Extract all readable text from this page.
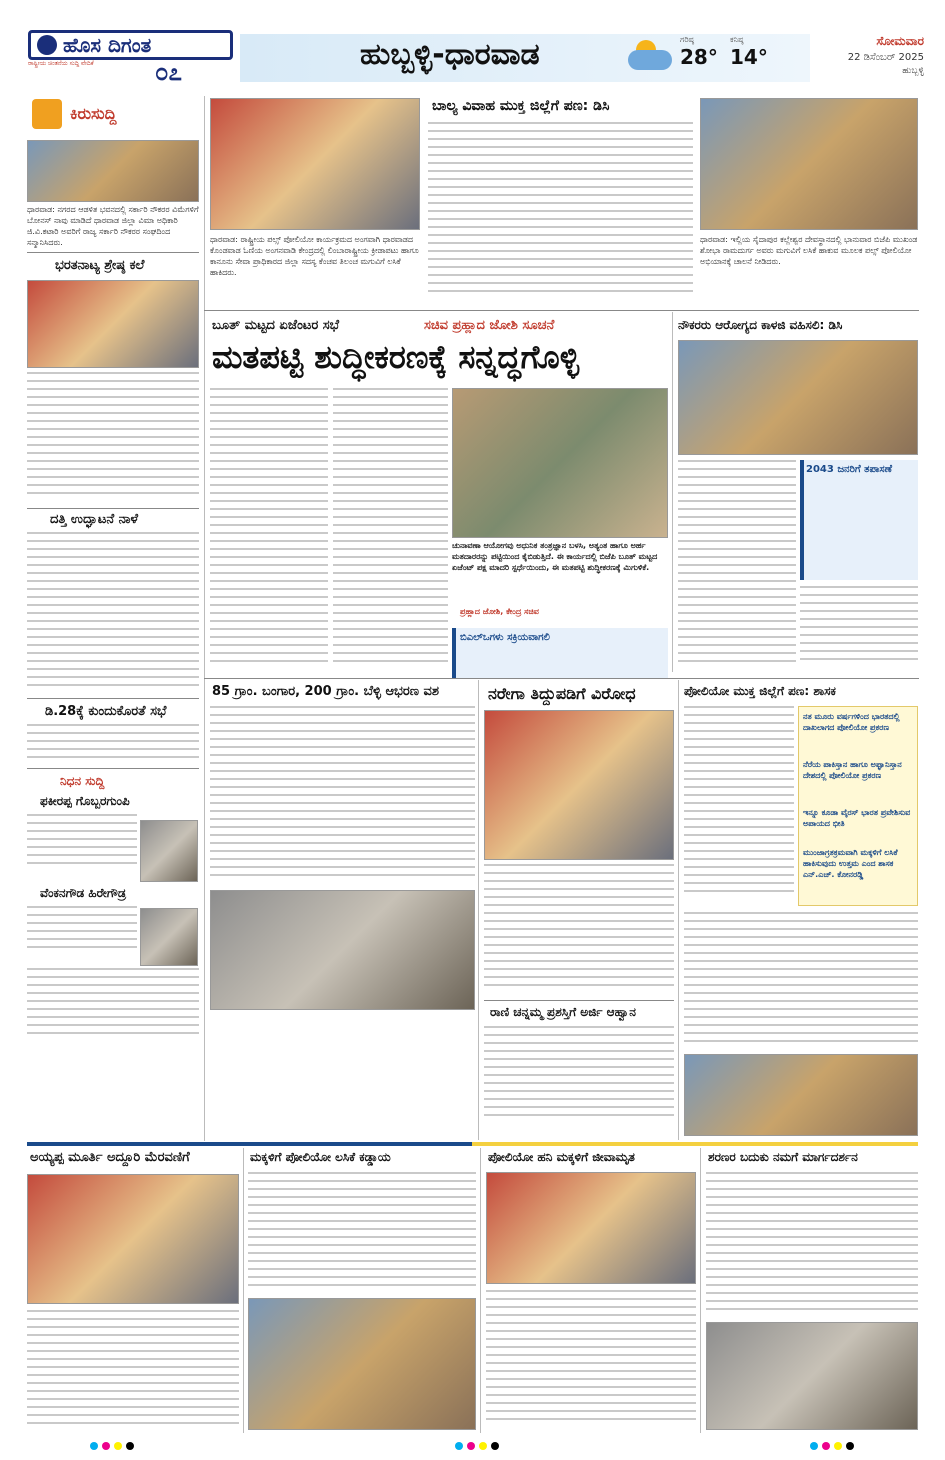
ಹೊಸ ದಿಗಂತ
ರಾಷ್ಟ್ರೀಯ ಚಿಂತನೆಯ ಸುದ್ದಿ ವೇದಿಕೆ	೦೭	ಹುಬ್ಬಳ್ಳಿ-ಧಾರವಾಡ	ಗರಿಷ್ಠ
28°
ಕನಿಷ್ಠ
14°
ಸೋಮವಾರ
22 ಡಿಸೆಂಬರ್ 2025
ಹುಬ್ಬಳ್ಳಿ
ಕಿರುಸುದ್ದಿ
ಧಾರವಾಡ: ನಗರದ ಆಡಳಿತ ಭವನದಲ್ಲಿ ಸರ್ಕಾರಿ ನೌಕರರ ವಿಮೆಗಳಿಗೆ ಬೋನಸ್ ನಾವು ಮಾಡಿದೆ ಧಾರವಾಡ ಜಿಲ್ಲಾ ವಿಮಾ ಅಧಿಕಾರಿ ಜಿ.ವಿ.ಕಟಾರಿ ಅವರಿಗೆ ರಾಜ್ಯ ಸರ್ಕಾರಿ ನೌಕರರ ಸಂಘದಿಂದ ಸನ್ಮಾನಿಸಿದರು.
ಭರತನಾಟ್ಯ ಶ್ರೇಷ್ಠ ಕಲೆ
ದತ್ತಿ ಉದ್ಘಾಟನೆ ನಾಳೆ
ಡಿ.28ಕ್ಕೆ ಕುಂದುಕೊರತೆ ಸಭೆ
ನಿಧನ ಸುದ್ದಿ
ಫಕೀರಪ್ಪ ಗೊಬ್ಬರಗುಂಪಿ
ವೆಂಕನಗೌಡ ಹಿರೇಗೌಡ್ರ
ಧಾರವಾಡ: ರಾಷ್ಟ್ರೀಯ ಪಲ್ಸ್ ಪೋಲಿಯೋ ಕಾರ್ಯಕ್ರಮದ ಅಂಗವಾಗಿ ಧಾರವಾಡದ ಕೊಂಡವಾಡ ಓಣಿಯ ಅಂಗನವಾಡಿ ಕೇಂದ್ರದಲ್ಲಿ ಲಿಂಬಾರಾಷ್ಟ್ರೀಯ ಕ್ರೀಡಾಪಟು ಹಾಗೂ ಕಾನೂನು ಸೇವಾ ಪ್ರಾಧಿಕಾರದ ಜಿಲ್ಲಾ ಸದಸ್ಯ ಕೆಂಚವ ತಿಲಂಚ ಮಗುವಿಗೆ ಲಸಿಕೆ ಹಾಕಿದರು.
ಬಾಲ್ಯ ವಿವಾಹ ಮುಕ್ತ ಜಿಲ್ಲೆಗೆ ಪಣ: ಡಿಸಿ
ಧಾರವಾಡ: ಇಲ್ಲಿಯ ಸೈದಾಪುರ ಕಲ್ಲೇಶ್ವರ ದೇವಸ್ಥಾನದಲ್ಲಿ ಭಾನುವಾರ ಬಿಜೆಪಿ ಮುಖಂಡ ಶೋಭಾ ರಾಮದುರ್ಗ ಅವರು ಮಗುವಿಗೆ ಲಸಿಕೆ ಹಾಕುವ ಮೂಲಕ ಪಲ್ಸ್ ಪೋಲಿಯೋ ಅಭಿಯಾನಕ್ಕೆ ಚಾಲನೆ ನೀಡಿದರು.
ಬೂತ್ ಮಟ್ಟದ ಏಜೆಂಟರ ಸಭೆ	ಸಚಿವ ಪ್ರಹ್ಲಾದ ಜೋಶಿ ಸೂಚನೆ
ಮತಪಟ್ಟಿ ಶುದ್ಧೀಕರಣಕ್ಕೆ ಸನ್ನದ್ಧಗೊಳ್ಳಿ
ಚುನಾವಣಾ ಆಯೋಗವು ಅಧುನಿಕ ತಂತ್ರಜ್ಞಾನ ಬಳಸಿ, ಅತ್ಯಂತ ಹಾಗೂ ಅರ್ಹ ಮತದಾರರನ್ನು ಪಟ್ಟಿಯಿಂದ ಕೈಬಿಡುತ್ತಿದೆ. ಈ ಕಾರ್ಯದಲ್ಲಿ ಬಿಜೆಪಿ ಬೂತ್ ಮಟ್ಟದ ಏಜೆಂಟ್ ಪಕ್ಷ ಮಾದರಿ ಸ್ಪರ್ಧೆಯಿಂದು, ಈ ಮತಪಟ್ಟಿ ಶುದ್ಧೀಕರಣಕ್ಕೆ ಮಿಗುಳಿಕೆ.
ಪ್ರಹ್ಲಾದ ಜೋಶಿ, ಕೇಂದ್ರ ಸಚಿವ
ಬಿಎಲ್‌ಒಗಳು ಸಕ್ರಿಯವಾಗಲಿ
ನೌಕರರು ಆರೋಗ್ಯದ ಕಾಳಜಿ ವಹಿಸಲಿ: ಡಿಸಿ
2043 ಜನರಿಗೆ ತಪಾಸಣೆ
85 ಗ್ರಾಂ. ಬಂಗಾರ, 200 ಗ್ರಾಂ. ಬೆಳ್ಳಿ ಆಭರಣ ವಶ	ನರೇಗಾ ತಿದ್ದುಪಡಿಗೆ ವಿರೋಧ
ರಾಣಿ ಚನ್ನಮ್ಮ ಪ್ರಶಸ್ತಿಗೆ ಅರ್ಜಿ ಆಹ್ವಾನ
ಪೋಲಿಯೋ ಮುಕ್ತ ಜಿಲ್ಲೆಗೆ ಪಣ: ಶಾಸಕ
ನತ ಮೂರು ವರ್ಷಗಳಿಂದ ಭಾರತದಲ್ಲಿ ದಾಖಲಾಗದ ಪೋಲಿಯೋ ಪ್ರಕರಣ
ನೆರೆಯ ಪಾಕಿಸ್ತಾನ ಹಾಗೂ ಅಫ್ಘಾನಿಸ್ತಾನ ದೇಶದಲ್ಲಿ ಪೋಲಿಯೋ ಪ್ರಕರಣ
ಇನ್ನೂ ಕೂಡಾ ವೈರಸ್ ಭಾರತ ಪ್ರವೇಶಿಸುವ ಅಪಾಯದ ಭೀತಿ
ಮುಂಜಾಗ್ರತಕ್ರಮವಾಗಿ ಮಕ್ಕಳಿಗೆ ಲಸಿಕೆ ಹಾಕಿಸುವುದು ಉತ್ತಮ ಎಂದ ಶಾಸಕ ಎನ್.ಎಚ್. ಕೋನರಡ್ಡಿ
ಅಯ್ಯಪ್ಪ ಮೂರ್ತಿ ಅದ್ದೂರಿ ಮೆರವಣಿಗೆ	ಮಕ್ಕಳಿಗೆ ಪೋಲಿಯೋ ಲಸಿಕೆ ಕಡ್ಡಾಯ	ಪೋಲಿಯೋ ಹನಿ ಮಕ್ಕಳಿಗೆ ಜೀವಾಮೃತ	ಶರಣರ ಬದುಕು ನಮಗೆ ಮಾರ್ಗದರ್ಶನ
